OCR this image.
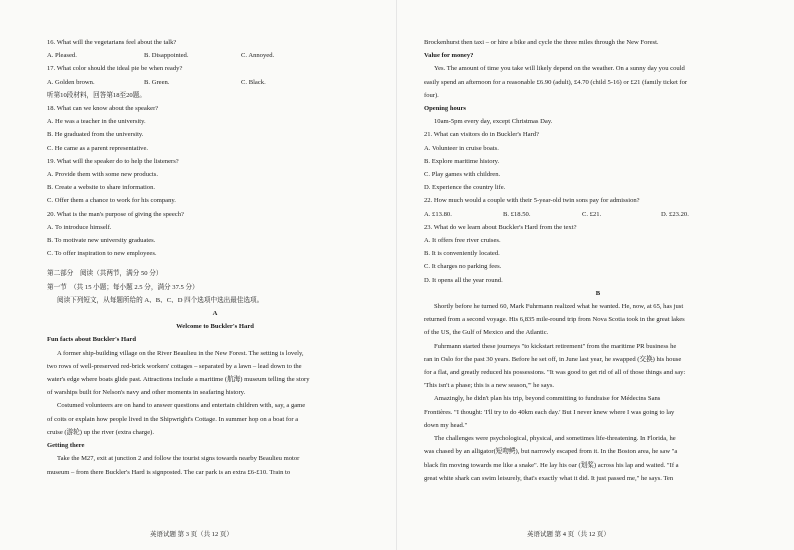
16. What will the vegetarians feel about the talk?
A. Pleased.	B. Disappointed.	C. Annoyed.
17. What color should the ideal pie be when ready?
A. Golden brown.	B. Green.	C. Black.
听第10段材料，回答第18至20题。
18. What can we know about the speaker?
A. He was a teacher in the university.
B. He graduated from the university.
C. He came as a parent representative.
19. What will the speaker do to help the listeners?
A. Provide them with some new products.
B. Create a website to share information.
C. Offer them a chance to work for his company.
20. What is the man's purpose of giving the speech?
A. To introduce himself.
B. To motivate new university graduates.
C. To offer inspiration to new employees.
第二部分　阅读（共两节，满分 50 分）
第一节　（共 15 小题；每小题 2.5 分，满分 37.5 分）
阅读下列短文，从每题所给的 A、B、C、D 四个选项中选出最佳选项。
A
Welcome to Buckler's Hard
Fun facts about Buckler's Hard
A former ship-building village on the River Beaulieu in the New Forest. The setting is lovely,
two rows of well-preserved red-brick workers' cottages – separated by a lawn – lead down to the
water's edge where boats glide past. Attractions include a maritime (航海) museum telling the story
of warships built for Nelson's navy and other moments in seafaring history.
Costumed volunteers are on hand to answer questions and entertain children with, say, a game
of coits or explain how people lived in the Shipwright's Cottage. In summer hop on a boat for a
cruise (游轮) up the river (extra charge).
Getting there
Take the M27, exit at junction 2 and follow the tourist signs towards nearby Beaulieu motor
museum – from there Buckler's Hard is signposted. The car park is an extra £6-£10. Train to
英语试题 第 3 页（共 12 页）
Brockenhurst then taxi – or hire a bike and cycle the three miles through the New Forest.
Value for money?
Yes. The amount of time you take will likely depend on the weather. On a sunny day you could
easily spend an afternoon for a reasonable £6.90 (adult), £4.70 (child 5-16) or £21 (family ticket for
four).
Opening hours
10am-5pm every day, except Christmas Day.
21. What can visitors do in Buckler's Hard?
A. Volunteer in cruise boats.
B. Explore maritime history.
C. Play games with children.
D. Experience the country life.
22. How much would a couple with their 5-year-old twin sons pay for admission?
A. £13.80.	B. £18.50.	C. £21.	D. £23.20.
23. What do we learn about Buckler's Hard from the text?
A. It offers free river cruises.
B. It is conveniently located.
C. It charges no parking fees.
D. It opens all the year round.
B
Shortly before he turned 60, Mark Fuhrmann realized what he wanted. He, now, at 65, has just
returned from a second voyage. His 6,835 mile-round trip from Nova Scotia took in the great lakes
of the US, the Gulf of Mexico and the Atlantic.
Fuhrmann started these journeys "to kickstart retirement" from the maritime PR business he
ran in Oslo for the past 30 years. Before he set off, in June last year, he swapped (交换) his house
for a flat, and greatly reduced his possessions. "It was good to get rid of all of those things and say:
'This isn't a phase; this is a new season,'" he says.
Amazingly, he didn't plan his trip, beyond committing to fundraise for Médecins Sans
Frontières. "I thought: 'I'll try to do 40km each day.' But I never knew where I was going to lay
down my head."
The challenges were psychological, physical, and sometimes life-threatening. In Florida, he
was chased by an alligator(短吻鳄), but narrowly escaped from it. In the Boston area, he saw "a
black fin moving towards me like a snake". He lay his oar (划桨) across his lap and waited. "If a
great white shark can swim leisurely, that's exactly what it did. It just passed me," he says. Ten
英语试题 第 4 页（共 12 页）
